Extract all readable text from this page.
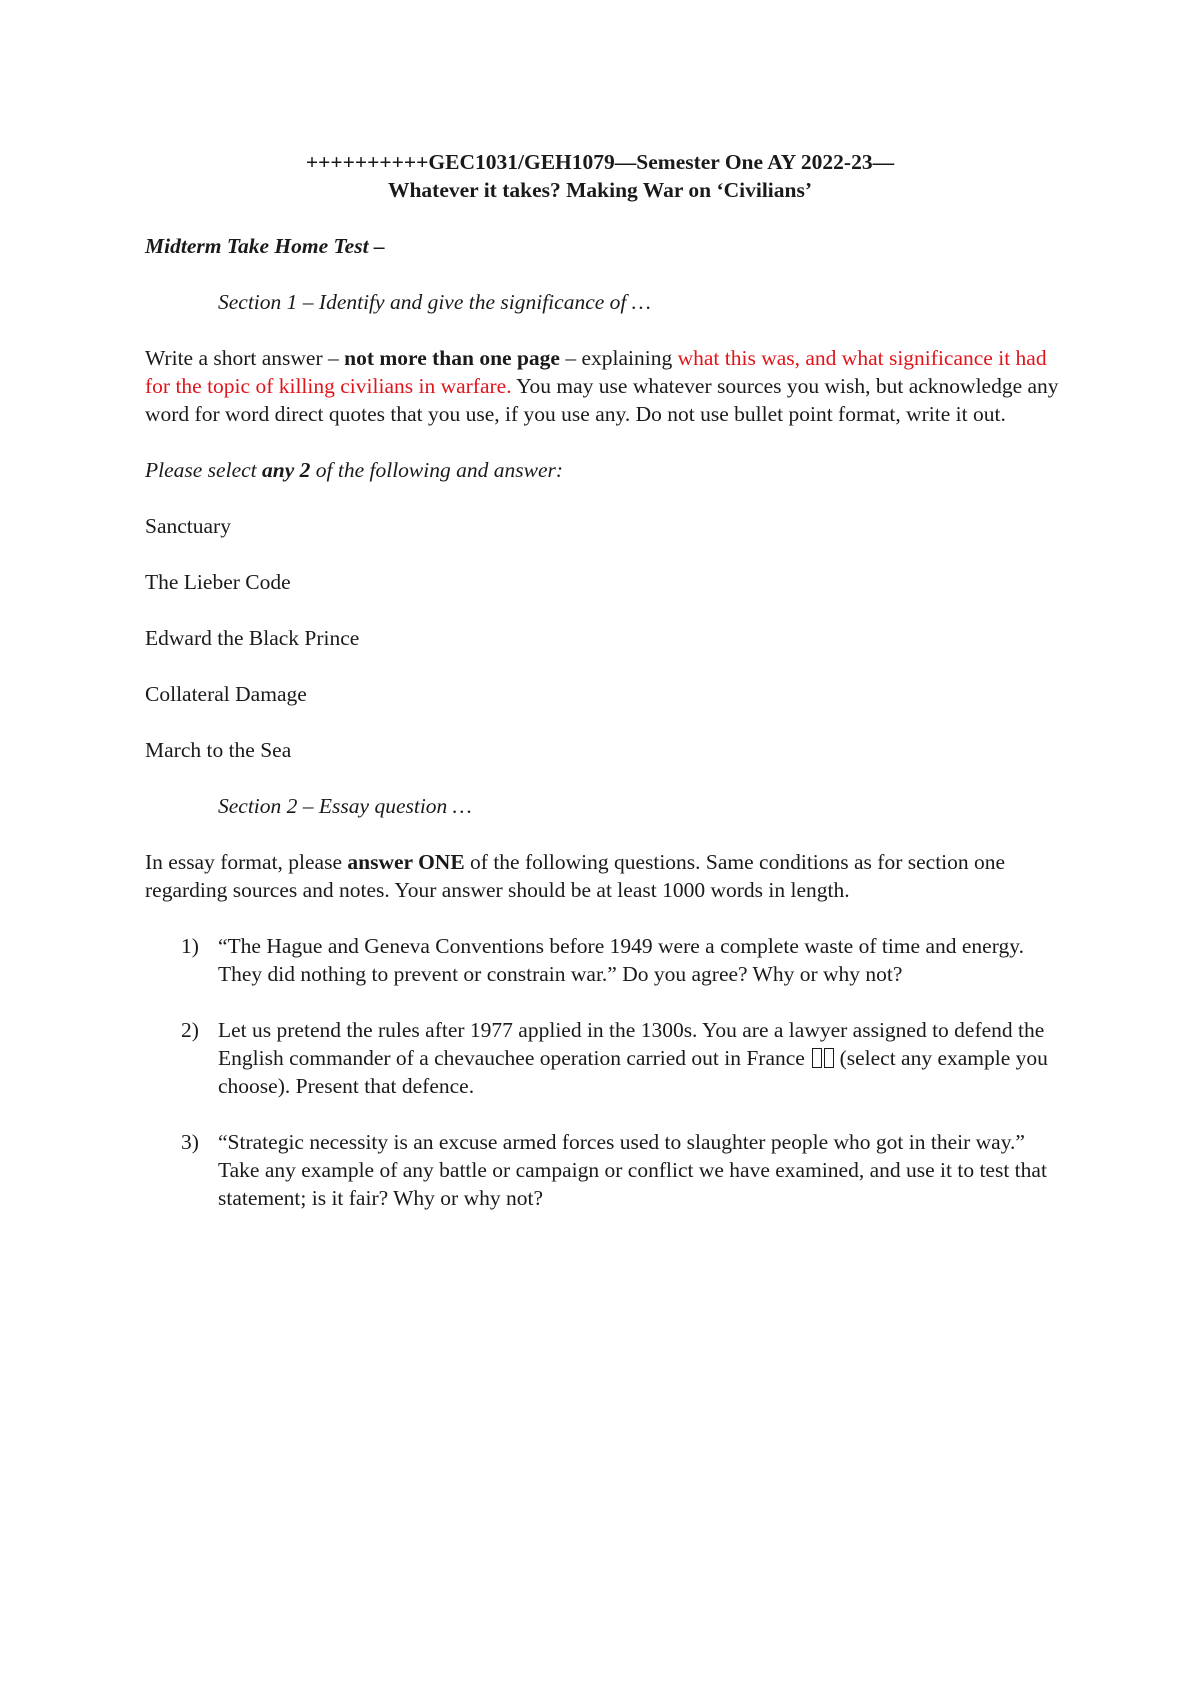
++++++++++GEC1031/GEH1079—Semester One AY 2022-23—
Whatever it takes? Making War on ‘Civilians’

Midterm Take Home Test –

Section 1 – Identify and give the significance of …

Write a short answer – not more than one page – explaining what this was, and what significance it had for the topic of killing civilians in warfare. You may use whatever sources you wish, but acknowledge any word for word direct quotes that you use, if you use any. Do not use bullet point format, write it out.

Please select any 2 of the following and answer:

Sanctuary

The Lieber Code

Edward the Black Prince

Collateral Damage

March to the Sea

Section 2 – Essay question …

In essay format, please answer ONE of the following questions. Same conditions as for section one regarding sources and notes. Your answer should be at least 1000 words in length.

1) “The Hague and Geneva Conventions before 1949 were a complete waste of time and energy. They did nothing to prevent or constrain war.” Do you agree? Why or why not?
2) Let us pretend the rules after 1977 applied in the 1300s. You are a lawyer assigned to defend the English commander of a chevauchee operation carried out in France  (select any example you choose). Present that defence.
3) “Strategic necessity is an excuse armed forces used to slaughter people who got in their way.” Take any example of any battle or campaign or conflict we have examined, and use it to test that statement; is it fair? Why or why not?
